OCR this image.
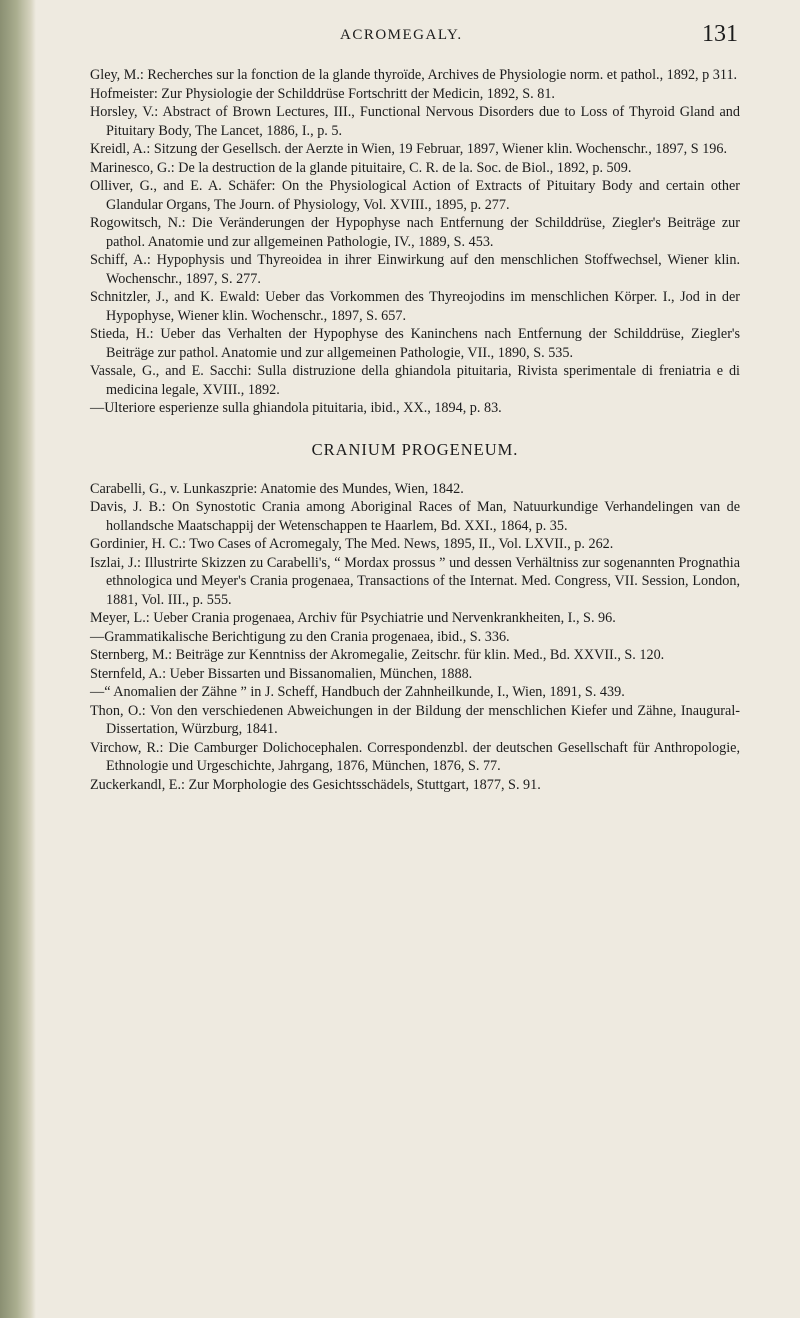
ACROMEGALY.	131

Gley, M.: Recherches sur la fonction de la glande thyroïde, Archives de Physiologie norm. et pathol., 1892, p 311.

Hofmeister: Zur Physiologie der Schilddrüse Fortschritt der Medicin, 1892, S. 81.

Horsley, V.: Abstract of Brown Lectures, III., Functional Nervous Disorders due to Loss of Thyroid Gland and Pituitary Body, The Lancet, 1886, I., p. 5.

Kreidl, A.: Sitzung der Gesellsch. der Aerzte in Wien, 19 Februar, 1897, Wiener klin. Wochenschr., 1897, S 196.

Marinesco, G.: De la destruction de la glande pituitaire, C. R. de la. Soc. de Biol., 1892, p. 509.

Olliver, G., and E. A. Schäfer: On the Physiological Action of Extracts of Pituitary Body and certain other Glandular Organs, The Journ. of Physiology, Vol. XVIII., 1895, p. 277.

Rogowitsch, N.: Die Veränderungen der Hypophyse nach Entfernung der Schilddrüse, Ziegler's Beiträge zur pathol. Anatomie und zur allgemeinen Pathologie, IV., 1889, S. 453.

Schiff, A.: Hypophysis und Thyreoidea in ihrer Einwirkung auf den menschlichen Stoffwechsel, Wiener klin. Wochenschr., 1897, S. 277.

Schnitzler, J., and K. Ewald: Ueber das Vorkommen des Thyreojodins im menschlichen Körper. I., Jod in der Hypophyse, Wiener klin. Wochenschr., 1897, S. 657.

Stieda, H.: Ueber das Verhalten der Hypophyse des Kaninchens nach Entfernung der Schilddrüse, Ziegler's Beiträge zur pathol. Anatomie und zur allgemeinen Pathologie, VII., 1890, S. 535.

Vassale, G., and E. Sacchi: Sulla distruzione della ghiandola pituitaria, Rivista sperimentale di freniatria e di medicina legale, XVIII., 1892.

—Ulteriore esperienze sulla ghiandola pituitaria, ibid., XX., 1894, p. 83.

CRANIUM PROGENEUM.

Carabelli, G., v. Lunkaszprie: Anatomie des Mundes, Wien, 1842.

Davis, J. B.: On Synostotic Crania among Aboriginal Races of Man, Natuurkundige Verhandelingen van de hollandsche Maatschappij der Wetenschappen te Haarlem, Bd. XXI., 1864, p. 35.

Gordinier, H. C.: Two Cases of Acromegaly, The Med. News, 1895, II., Vol. LXVII., p. 262.

Iszlai, J.: Illustrirte Skizzen zu Carabelli's, “ Mordax prossus ” und dessen Verhältniss zur sogenannten Prognathia ethnologica und Meyer's Crania progenaea, Transactions of the Internat. Med. Congress, VII. Session, London, 1881, Vol. III., p. 555.

Meyer, L.: Ueber Crania progenaea, Archiv für Psychiatrie und Nervenkrankheiten, I., S. 96.

—Grammatikalische Berichtigung zu den Crania progenaea, ibid., S. 336.

Sternberg, M.: Beiträge zur Kenntniss der Akromegalie, Zeitschr. für klin. Med., Bd. XXVII., S. 120.

Sternfeld, A.: Ueber Bissarten und Bissanomalien, München, 1888.

—“ Anomalien der Zähne ” in J. Scheff, Handbuch der Zahnheilkunde, I., Wien, 1891, S. 439.

Thon, O.: Von den verschiedenen Abweichungen in der Bildung der menschlichen Kiefer und Zähne, Inaugural-Dissertation, Würzburg, 1841.

Virchow, R.: Die Camburger Dolichocephalen. Correspondenzbl. der deutschen Gesellschaft für Anthropologie, Ethnologie und Urgeschichte, Jahrgang, 1876, München, 1876, S. 77.

Zuckerkandl, E.: Zur Morphologie des Gesichtsschädels, Stuttgart, 1877, S. 91.
